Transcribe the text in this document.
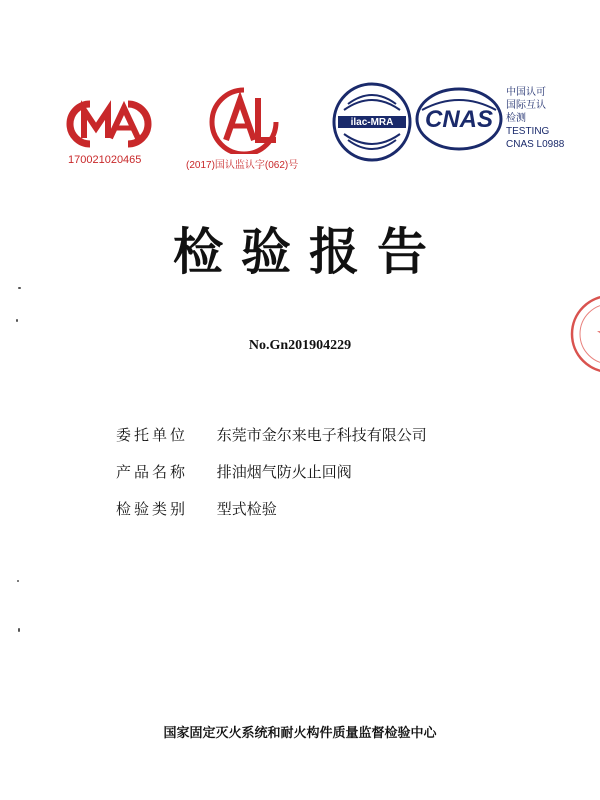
170021020465	(2017)国认监认字(062)号
ilac-MRA	CNAS
中国认可
国际互认
检测
TESTING
CNAS L0988
检验报告
No.Gn201904229
委托单位 东莞市金尔来电子科技有限公司
产品名称 排油烟气防火止回阀
检验类别 型式检验
国家固定灭火系统和耐火构件质量监督检验中心
